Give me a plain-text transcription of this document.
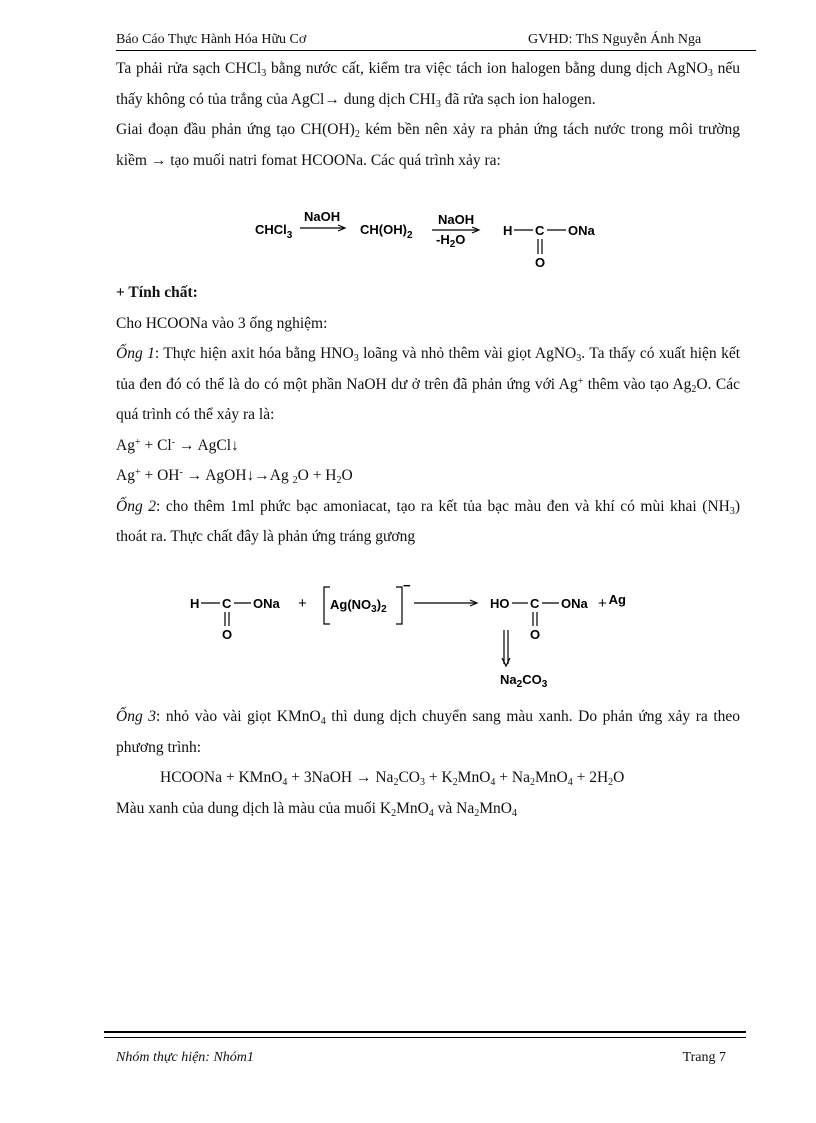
Báo Cáo Thực Hành Hóa Hữu Cơ	GVHD: ThS Nguyễn Ánh Nga

Ta phải rửa sạch CHCl$_3$ bằng nước cất, kiểm tra việc tách ion halogen bằng dung dịch AgNO$_3$ nếu thấy không có tủa trắng của AgCl→ dung dịch $CHI_3$ đã rửa sạch ion halogen.

Giai đoạn đầu phản ứng tạo $CH(OH)_2$ kém bền nên xảy ra phản ứng tách nước trong môi trường kiềm → tạo muối natri fomat HCOONa. Các quá trình xảy ra:

CHCl$_3$
NaOH
$CH(OH)_2$
NaOH
$-H_2O$
H C ONa
O

+ Tính chất:

Cho HCOONa vào 3 ống nghiệm:

Ống 1: Thực hiện axit hóa bằng $HNO_3$ loãng và nhỏ thêm vài giọt AgNO$_3$. Ta thấy có xuất hiện kết tủa đen đó có thể là do có một phần NaOH dư ở trên đã phản ứng với Ag+ thêm vào tạo $Ag_2O$. Các quá trình có thể xảy ra là:

Ag+ + Cl- → AgCl↓

Ag+ + OH- → AgOH↓→Ag $_2O + H_2O$

Ống 2: cho thêm 1ml phức bạc amoniacat, tạo ra kết tủa bạc màu đen và khí có mùi khai $(NH_3)$ thoát ra. Thực chất đây là phản ứng tráng gương

H C ONa
O
+ $Ag(NO_3)_2$
−
HO C ONa
O
+ Ag
$Na_2CO_3$

Ống 3: nhỏ vào vài giọt KMnO$_4$ thì dung dịch chuyển sang màu xanh. Do phản ứng xảy ra theo phương trình:

HCOONa + KMnO$_4$ + 3NaOH → $Na_2CO_3 + K_2MnO_4 + Na_2MnO_4 + 2H_2O$

Màu xanh của dung dịch là màu của muối $K_2MnO_4$ và $Na_2MnO_4$

Nhóm thực hiện: Nhóm1	Trang 7
